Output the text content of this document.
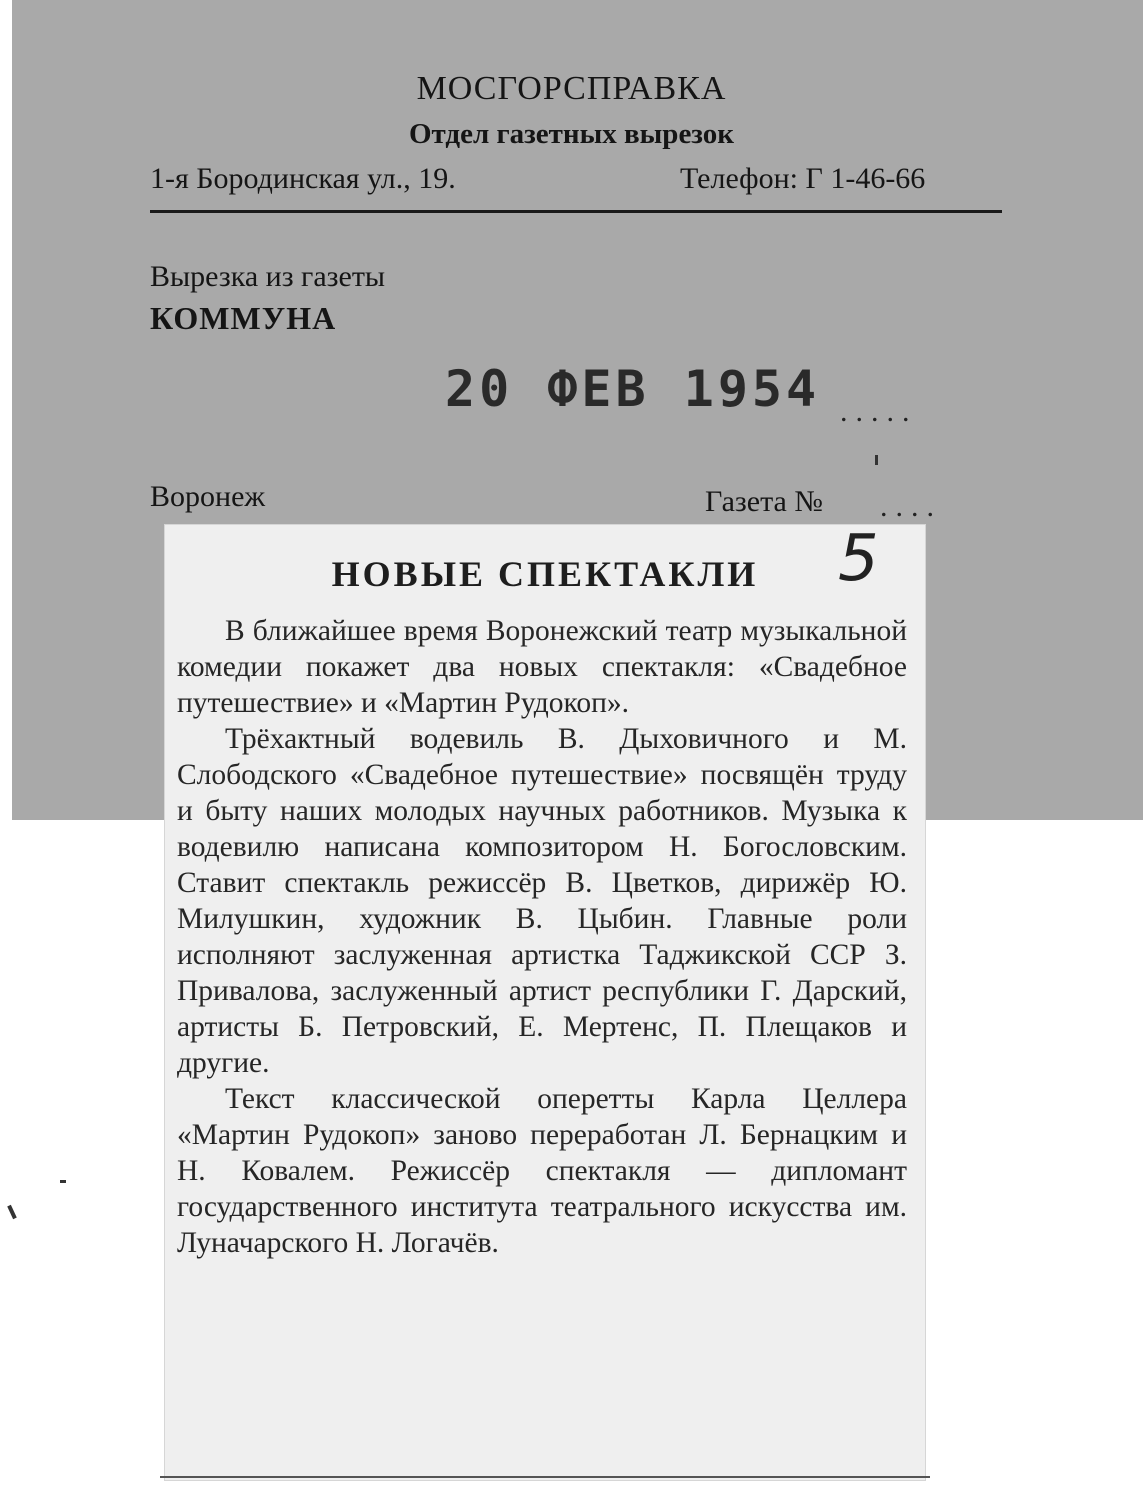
МОСГОРСПРАВКА
Отдел газетных вырезок
1-я Бородинская ул., 19.	Телефон: Г 1-46-66
Вырезка из газеты
КОММУНА
20 ФЕВ 1954 .....
Воронеж	Газета № ....
НОВЫЕ СПЕКТАКЛИ

В ближайшее время Воронежский театр музыкальной комедии покажет два новых спектакля: «Свадебное путешествие» и «Мартин Рудокоп».

Трёхактный водевиль В. Дыховичного и М. Слободского «Свадебное путешествие» посвящён труду и быту наших молодых научных работников. Музыка к водевилю написана композитором Н. Богословским. Ставит спектакль режиссёр В. Цветков, дирижёр Ю. Милушкин, художник В. Цыбин. Главные роли исполняют заслуженная артистка Таджикской ССР З. Привалова, заслуженный артист республики Г. Дарский, артисты Б. Петровский, Е. Мертенс, П. Плещаков и другие.

Текст классической оперетты Карла Целлера «Мартин Рудокоп» заново переработан Л. Бернацким и Н. Ковалем. Режиссёр спектакля — дипломант государственного института театрального искусства им. Луначарского Н. Логачёв.

5
